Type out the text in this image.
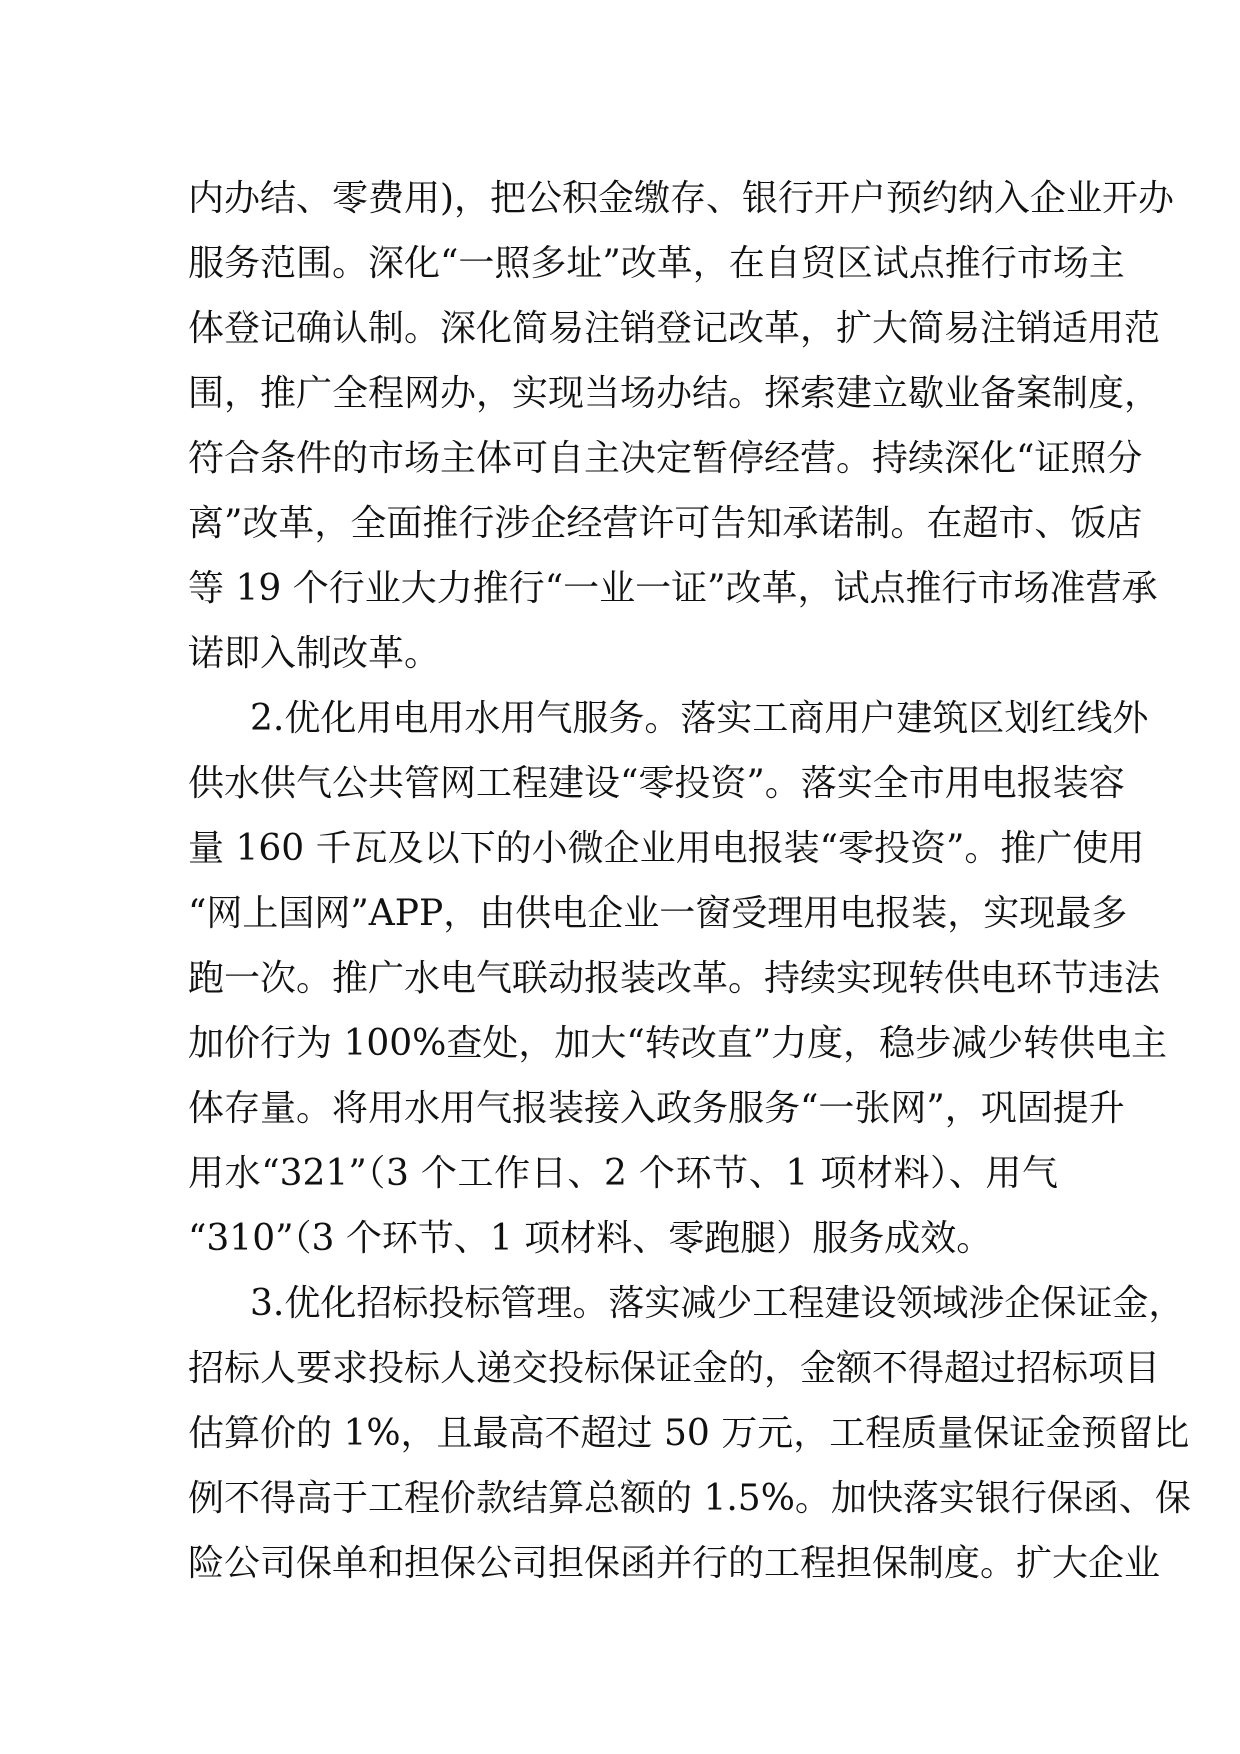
内办结、零费用)，把公积金缴存、银行开户预约纳入企业开办
服务范围。深化“一照多址”改革，在自贸区试点推行市场主
体登记确认制。深化简易注销登记改革，扩大简易注销适用范
围，推广全程网办，实现当场办结。探索建立歇业备案制度，
符合条件的市场主体可自主决定暂停经营。持续深化“证照分
离”改革，全面推行涉企经营许可告知承诺制。在超市、饭店
等 19 个行业大力推行“一业一证”改革，试点推行市场准营承
诺即入制改革。
2.优化用电用水用气服务。落实工商用户建筑区划红线外
供水供气公共管网工程建设“零投资”。落实全市用电报装容
量 160 千瓦及以下的小微企业用电报装“零投资”。推广使用
“网上国网”APP，由供电企业一窗受理用电报装，实现最多
跑一次。推广水电气联动报装改革。持续实现转供电环节违法
加价行为 100%查处，加大“转改直”力度，稳步减少转供电主
体存量。将用水用气报装接入政务服务“一张网”，巩固提升
用水“321”（3 个工作日、2 个环节、1 项材料）、用气
“310”（3 个环节、1 项材料、零跑腿）服务成效。
3.优化招标投标管理。落实减少工程建设领域涉企保证金，
招标人要求投标人递交投标保证金的，金额不得超过招标项目
估算价的 1%，且最高不超过 50 万元，工程质量保证金预留比
例不得高于工程价款结算总额的 1.5%。加快落实银行保函、保
险公司保单和担保公司担保函并行的工程担保制度。扩大企业
